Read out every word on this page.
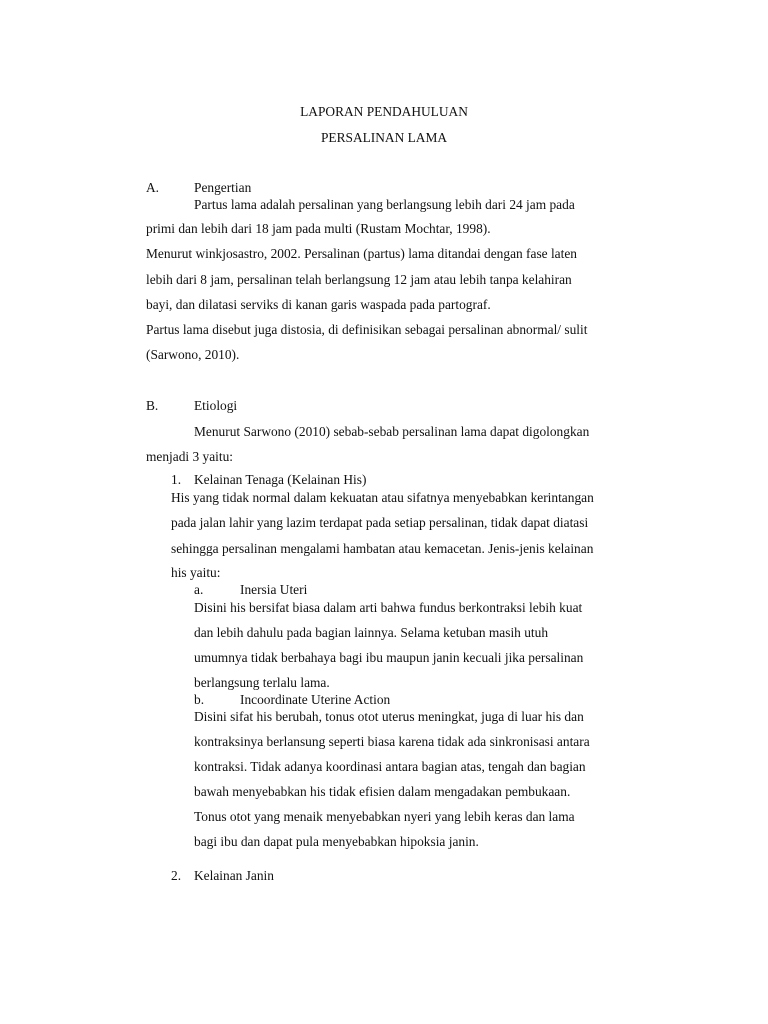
LAPORAN PENDAHULUAN
PERSALINAN LAMA
A.	Pengertian
Partus lama adalah persalinan yang berlangsung lebih dari 24 jam pada
primi dan lebih dari 18 jam pada multi (Rustam Mochtar, 1998).
Menurut winkjosastro, 2002. Persalinan (partus) lama ditandai dengan fase laten
lebih dari 8 jam, persalinan telah berlangsung 12 jam atau lebih tanpa kelahiran
bayi, dan dilatasi serviks di kanan garis waspada pada partograf.
Partus lama disebut juga distosia, di definisikan sebagai persalinan abnormal/ sulit
(Sarwono, 2010).
B.	Etiologi
Menurut Sarwono (2010) sebab-sebab persalinan lama dapat digolongkan
menjadi 3 yaitu:
1. Kelainan Tenaga (Kelainan His)
His yang tidak normal dalam kekuatan atau sifatnya menyebabkan kerintangan
pada jalan lahir yang lazim terdapat pada setiap persalinan, tidak dapat diatasi
sehingga persalinan mengalami hambatan atau kemacetan. Jenis-jenis kelainan
his yaitu:
a.	Inersia Uteri
Disini his bersifat biasa dalam arti bahwa fundus berkontraksi lebih kuat
dan lebih dahulu pada bagian lainnya. Selama ketuban masih utuh
umumnya tidak berbahaya bagi ibu maupun janin kecuali jika persalinan
berlangsung terlalu lama.
b.	Incoordinate Uterine Action
Disini sifat his berubah, tonus otot uterus meningkat, juga di luar his dan
kontraksinya berlansung seperti biasa karena tidak ada sinkronisasi antara
kontraksi. Tidak adanya koordinasi antara bagian atas, tengah dan bagian
bawah menyebabkan his tidak efisien dalam mengadakan pembukaan.
Tonus otot yang menaik menyebabkan nyeri yang lebih keras dan lama
bagi ibu dan dapat pula menyebabkan hipoksia janin.
2. Kelainan Janin
